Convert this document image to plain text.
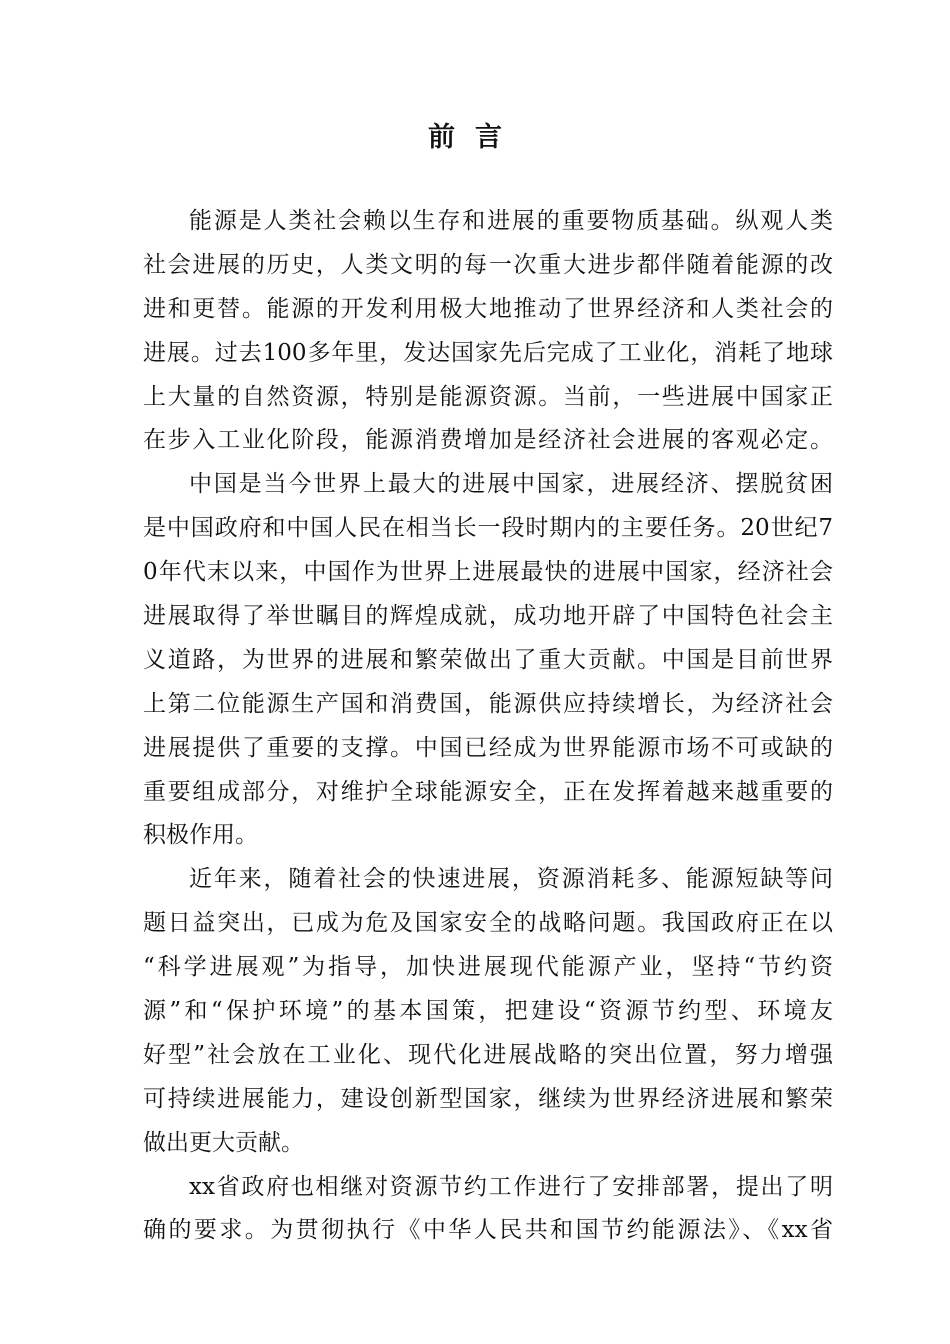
前言
能源是人类社会赖以生存和进展的重要物质基础。纵观人类
社会进展的历史，人类文明的每一次重大进步都伴随着能源的改
进和更替。能源的开发利用极大地推动了世界经济和人类社会的
进展。过去100多年里，发达国家先后完成了工业化，消耗了地球
上大量的自然资源，特别是能源资源。当前，一些进展中国家正
在步入工业化阶段，能源消费增加是经济社会进展的客观必定。
中国是当今世界上最大的进展中国家，进展经济、摆脱贫困
是中国政府和中国人民在相当长一段时期内的主要任务。20世纪7
0年代末以来，中国作为世界上进展最快的进展中国家，经济社会
进展取得了举世瞩目的辉煌成就，成功地开辟了中国特色社会主
义道路，为世界的进展和繁荣做出了重大贡献。中国是目前世界
上第二位能源生产国和消费国，能源供应持续增长，为经济社会
进展提供了重要的支撑。中国已经成为世界能源市场不可或缺的
重要组成部分，对维护全球能源安全，正在发挥着越来越重要的
积极作用。
近年来，随着社会的快速进展，资源消耗多、能源短缺等问
题日益突出，已成为危及国家安全的战略问题。我国政府正在以
“科学进展观”为指导，加快进展现代能源产业，坚持“节约资
源”和“保护环境”的基本国策，把建设“资源节约型、环境友
好型”社会放在工业化、现代化进展战略的突出位置，努力增强
可持续进展能力，建设创新型国家，继续为世界经济进展和繁荣
做出更大贡献。
xx省政府也相继对资源节约工作进行了安排部署，提出了明
确的要求。为贯彻执行《中华人民共和国节约能源法》、《xx省
